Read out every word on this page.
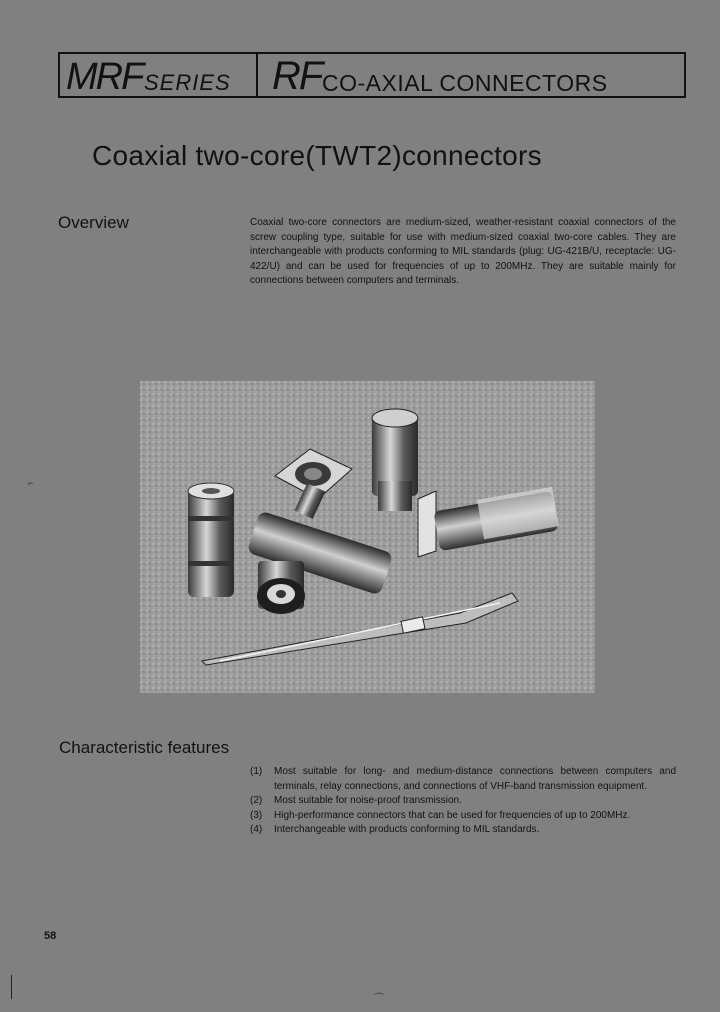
MRF SERIES RF CO-AXIAL CONNECTORS
Coaxial two-core(TWT2)connectors
Overview	Coaxial two-core connectors are medium-sized, weather-resistant coaxial connectors of the screw coupling type, suitable for use with medium-sized coaxial two-core cables. They are interchangeable with products conforming to MIL standards (plug: UG-421B/U, receptacle: UG-422/U) and can be used for frequencies of up to 200MHz. They are suitable mainly for connections between computers and terminals.
Characteristic features
(1)	Most suitable for long- and medium-distance connections between computers and terminals, relay connections, and connections of VHF-band transmission equipment.
(2)	Most suitable for noise-proof transmission.
(3)	High-performance connectors that can be used for frequencies of up to 200MHz.
(4)	Interchangeable with products conforming to MIL standards.
58
⌐
⌒
